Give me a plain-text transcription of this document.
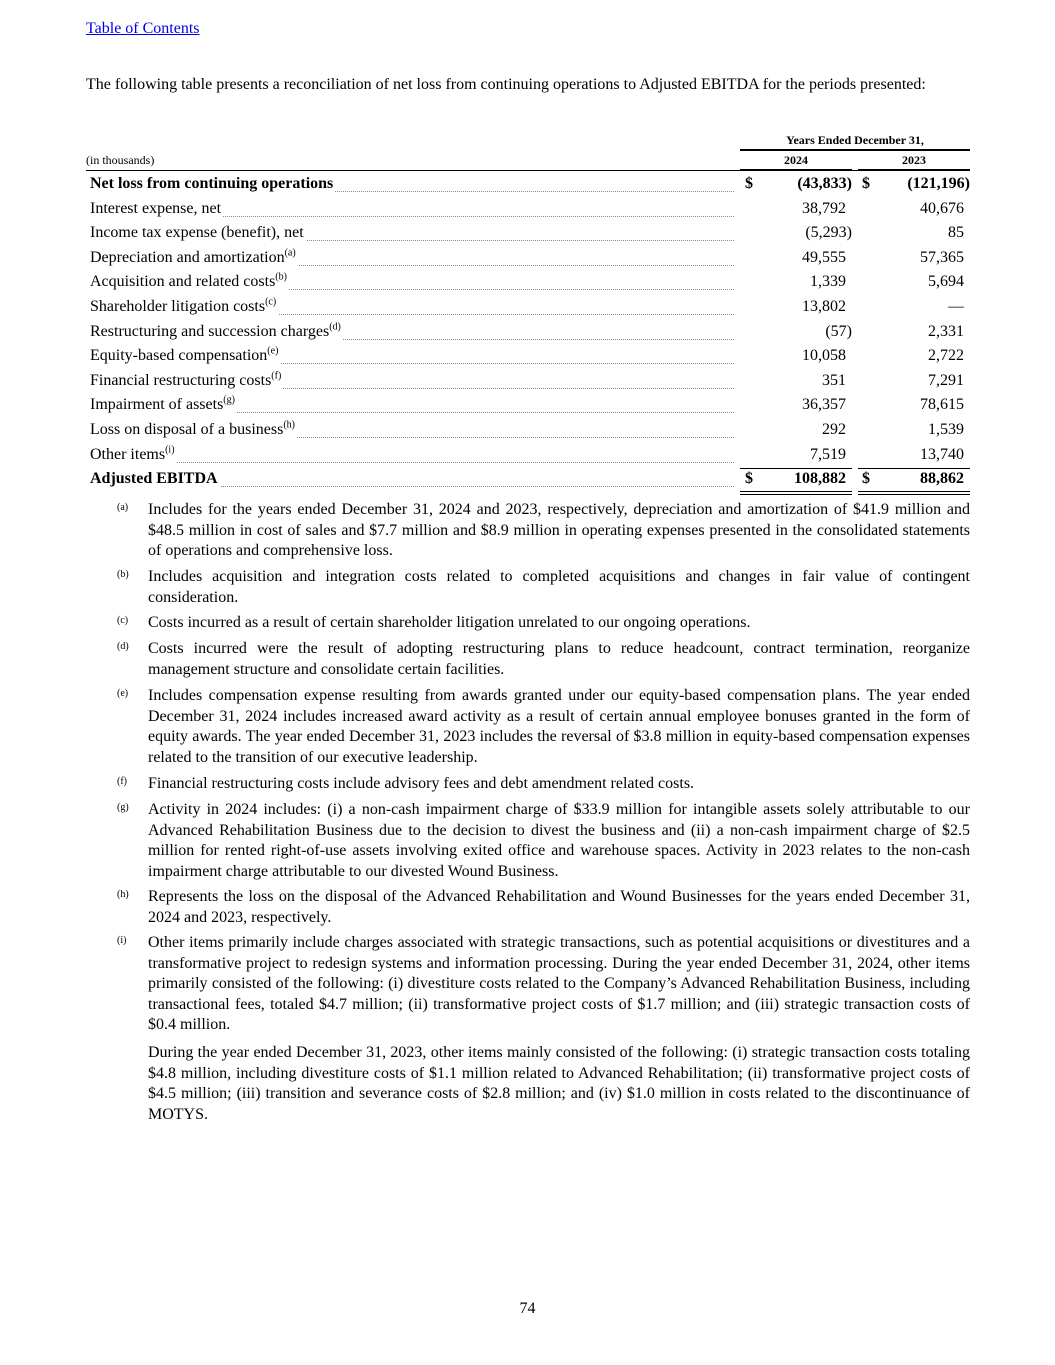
Table of Contents
The following table presents a reconciliation of net loss from continuing operations to Adjusted EBITDA for the periods presented:
Years Ended December 31,
(in thousands)	2024	2023
Net loss from continuing operations	$	(43,833) $	(121,196)
Interest expense, net	38,792	40,676
Income tax expense (benefit), net	(5,293)	85
Depreciation and amortization$^{(a)}$	49,555	57,365
Acquisition and related costs$^{(b)}$	1,339	5,694
Shareholder litigation costs$^{(c)}$	13,802	—
Restructuring and succession charges$^{(d)}$	(57)	2,331
Equity-based compensation$^{(e)}$	10,058	2,722
Financial restructuring costs$^{(f)}$	351	7,291
Impairment of assets$^{(g)}$	36,357	78,615
Loss on disposal of a business$^{(h)}$	292	1,539
Other items$^{(i)}$	7,519	13,740
Adjusted EBITDA	$	108,882	$	88,862
(a) Includes for the years ended December 31, 2024 and 2023, respectively, depreciation and amortization of $41.9 million and $48.5 million in cost of sales and $7.7 million and $8.9 million in operating expenses presented in the consolidated statements of operations and comprehensive loss.
(b) Includes acquisition and integration costs related to completed acquisitions and changes in fair value of contingent consideration.
(c) Costs incurred as a result of certain shareholder litigation unrelated to our ongoing operations.
(d) Costs incurred were the result of adopting restructuring plans to reduce headcount, contract termination, reorganize management structure and consolidate certain facilities.
(e) Includes compensation expense resulting from awards granted under our equity-based compensation plans. The year ended December 31, 2024 includes increased award activity as a result of certain annual employee bonuses granted in the form of equity awards. The year ended December 31, 2023 includes the reversal of $3.8 million in equity-based compensation expenses related to the transition of our executive leadership.
(f) Financial restructuring costs include advisory fees and debt amendment related costs.
(g) Activity in 2024 includes: (i) a non-cash impairment charge of $33.9 million for intangible assets solely attributable to our Advanced Rehabilitation Business due to the decision to divest the business and (ii) a non-cash impairment charge of $2.5 million for rented right-of-use assets involving exited office and warehouse spaces. Activity in 2023 relates to the non-cash impairment charge attributable to our divested Wound Business.
(h) Represents the loss on the disposal of the Advanced Rehabilitation and Wound Businesses for the years ended December 31, 2024 and 2023, respectively.
(i) Other items primarily include charges associated with strategic transactions, such as potential acquisitions or divestitures and a transformative project to redesign systems and information processing. During the year ended December 31, 2024, other items primarily consisted of the following: (i) divestiture costs related to the Company’s Advanced Rehabilitation Business, including transactional fees, totaled $4.7 million; (ii) transformative project costs of $1.7 million; and (iii) strategic transaction costs of $0.4 million.
During the year ended December 31, 2023, other items mainly consisted of the following: (i) strategic transaction costs totaling $4.8 million, including divestiture costs of $1.1 million related to Advanced Rehabilitation; (ii) transformative project costs of $4.5 million; (iii) transition and severance costs of $2.8 million; and (iv) $1.0 million in costs related to the discontinuance of MOTYS.
74
